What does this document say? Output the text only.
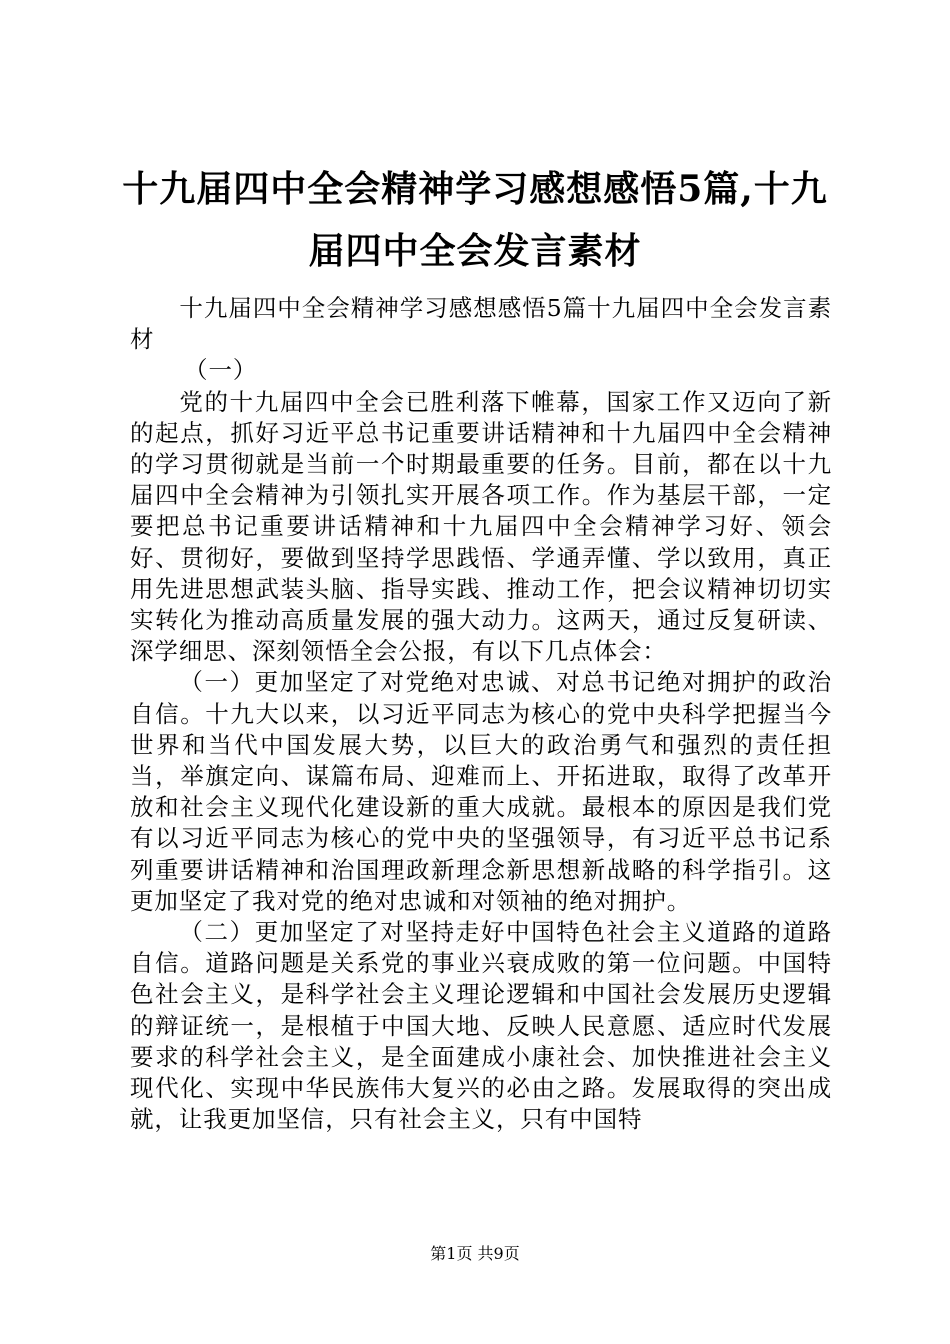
十九届四中全会精神学习感想感悟5篇,十九届四中全会发言素材

十九届四中全会精神学习感想感悟5篇十九届四中全会发言素材

（一）

党的十九届四中全会已胜利落下帷幕，国家工作又迈向了新的起点，抓好习近平总书记重要讲话精神和十九届四中全会精神的学习贯彻就是当前一个时期最重要的任务。目前，都在以十九届四中全会精神为引领扎实开展各项工作。作为基层干部，一定要把总书记重要讲话精神和十九届四中全会精神学习好、领会好、贯彻好，要做到坚持学思践悟、学通弄懂、学以致用，真正用先进思想武装头脑、指导实践、推动工作，把会议精神切切实实转化为推动高质量发展的强大动力。这两天，通过反复研读、深学细思、深刻领悟全会公报，有以下几点体会：

（一）更加坚定了对党绝对忠诚、对总书记绝对拥护的政治自信。十九大以来，以习近平同志为核心的党中央科学把握当今世界和当代中国发展大势，以巨大的政治勇气和强烈的责任担当，举旗定向、谋篇布局、迎难而上、开拓进取，取得了改革开放和社会主义现代化建设新的重大成就。最根本的原因是我们党有以习近平同志为核心的党中央的坚强领导，有习近平总书记系列重要讲话精神和治国理政新理念新思想新战略的科学指引。这更加坚定了我对党的绝对忠诚和对领袖的绝对拥护。

（二）更加坚定了对坚持走好中国特色社会主义道路的道路自信。道路问题是关系党的事业兴衰成败的第一位问题。中国特色社会主义，是科学社会主义理论逻辑和中国社会发展历史逻辑的辩证统一，是根植于中国大地、反映人民意愿、适应时代发展要求的科学社会主义，是全面建成小康社会、加快推进社会主义现代化、实现中华民族伟大复兴的必由之路。发展取得的突出成就，让我更加坚信，只有社会主义，只有中国特

第1页 共9页
